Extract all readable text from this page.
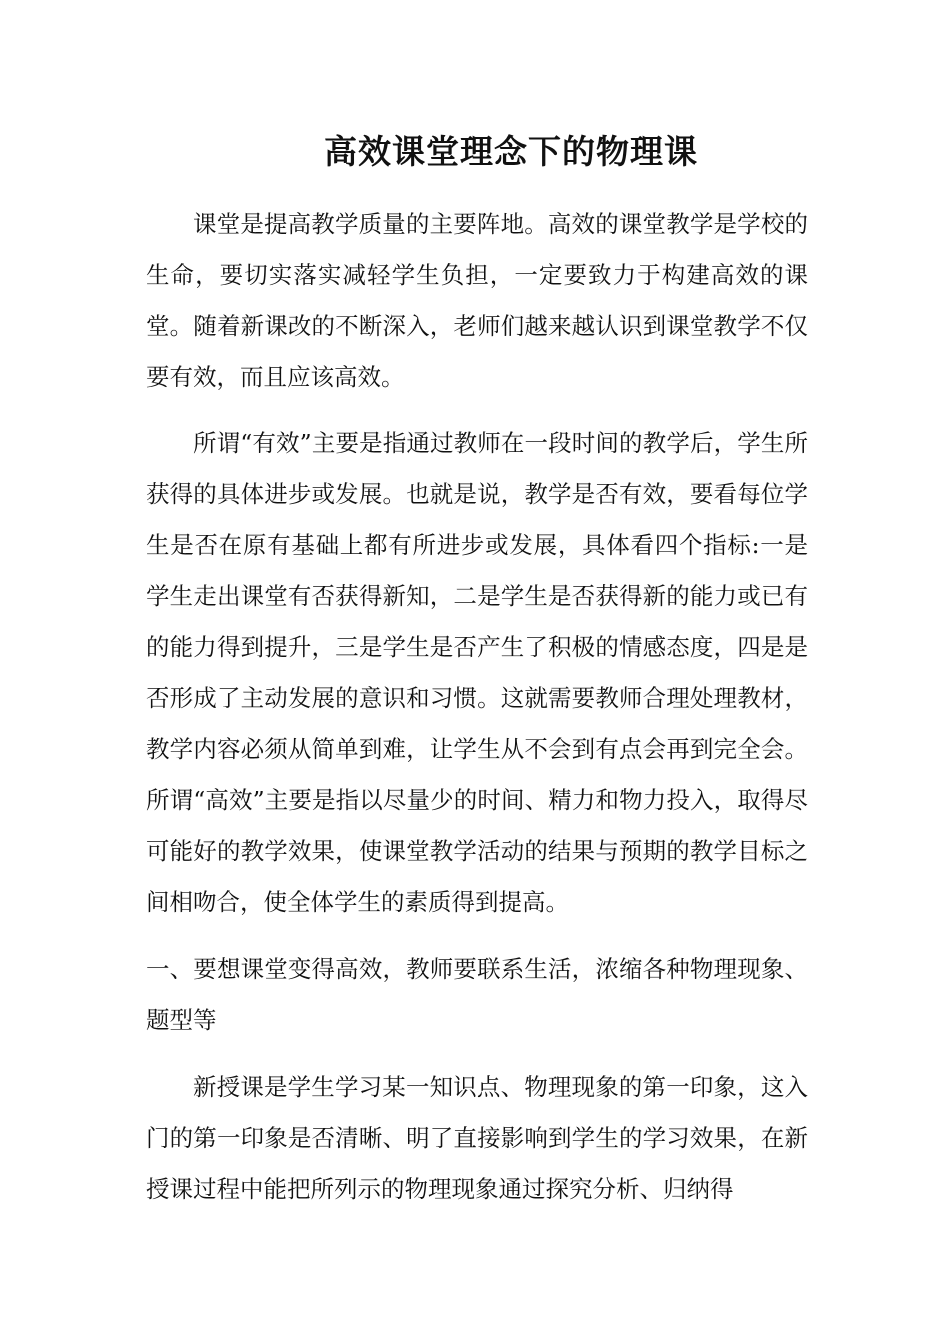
高效课堂理念下的物理课

课堂是提高教学质量的主要阵地。高效的课堂教学是学校的生命，要切实落实减轻学生负担，一定要致力于构建高效的课堂。随着新课改的不断深入，老师们越来越认识到课堂教学不仅要有效，而且应该高效。

所谓“有效”主要是指通过教师在一段时间的教学后，学生所获得的具体进步或发展。也就是说，教学是否有效，要看每位学生是否在原有基础上都有所进步或发展，具体看四个指标:一是学生走出课堂有否获得新知，二是学生是否获得新的能力或已有的能力得到提升，三是学生是否产生了积极的情感态度，四是是否形成了主动发展的意识和习惯。这就需要教师合理处理教材，教学内容必须从简单到难，让学生从不会到有点会再到完全会。所谓“高效”主要是指以尽量少的时间、精力和物力投入，取得尽可能好的教学效果，使课堂教学活动的结果与预期的教学目标之间相吻合，使全体学生的素质得到提高。

一、要想课堂变得高效，教师要联系生活，浓缩各种物理现象、题型等

新授课是学生学习某一知识点、物理现象的第一印象，这入门的第一印象是否清晰、明了直接影响到学生的学习效果，在新授课过程中能把所列示的物理现象通过探究分析、归纳得
